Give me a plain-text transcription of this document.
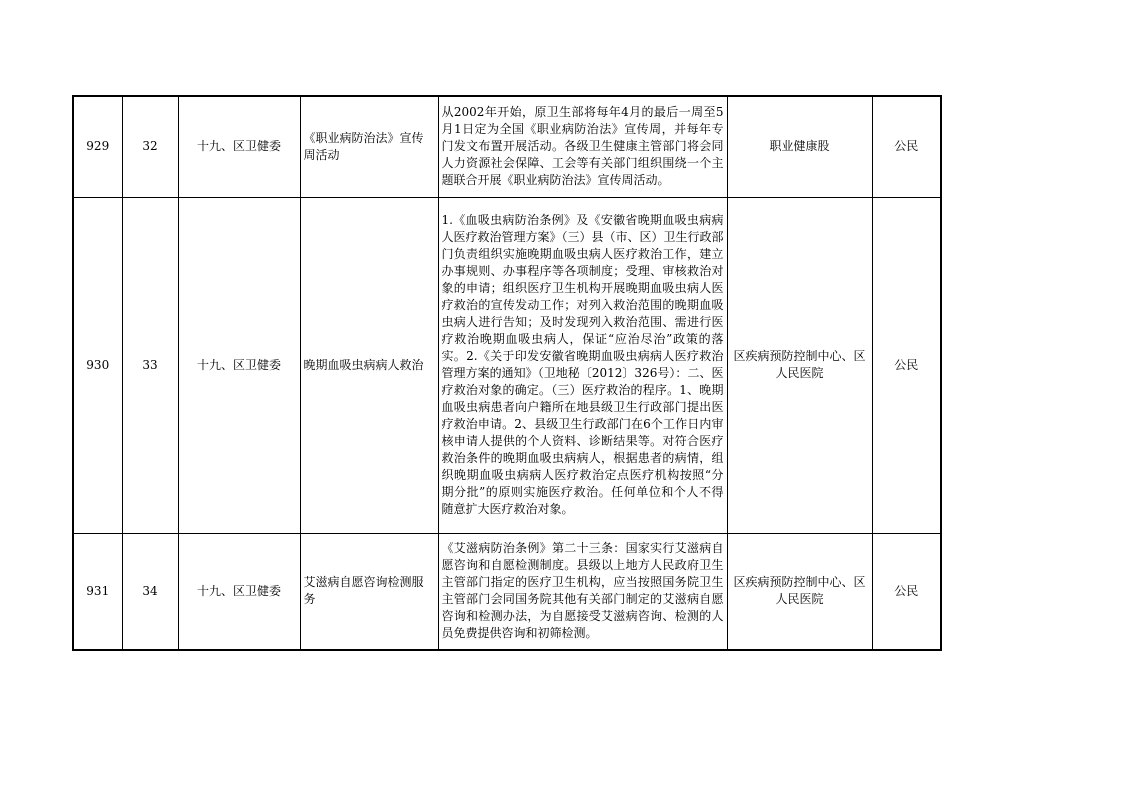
929	32	十九、区卫健委	《职业病防治法》宣传周活动	从2002年开始，原卫生部将每年4月的最后一周至5月1日定为全国《职业病防治法》宣传周，并每年专门发文布置开展活动。各级卫生健康主管部门将会同人力资源社会保障、工会等有关部门组织围绕一个主题联合开展《职业病防治法》宣传周活动。	职业健康股	公民
930	33	十九、区卫健委	晚期血吸虫病病人救治	1.《血吸虫病防治条例》及《安徽省晚期血吸虫病病人医疗救治管理方案》（三）县（市、区）卫生行政部门负责组织实施晚期血吸虫病人医疗救治工作，建立办事规则、办事程序等各项制度；受理、审核救治对象的申请；组织医疗卫生机构开展晚期血吸虫病人医疗救治的宣传发动工作；对列入救治范围的晚期血吸虫病人进行告知；及时发现列入救治范围、需进行医疗救治晚期血吸虫病人，保证“应治尽治”政策的落实。2.《关于印发安徽省晚期血吸虫病病人医疗救治管理方案的通知》（卫地秘〔2012〕326号）：二、医疗救治对象的确定。（三）医疗救治的程序。1、晚期血吸虫病患者向户籍所在地县级卫生行政部门提出医疗救治申请。2、县级卫生行政部门在6个工作日内审核申请人提供的个人资料、诊断结果等。对符合医疗救治条件的晚期血吸虫病病人，根据患者的病情，组织晚期血吸虫病病人医疗救治定点医疗机构按照“分期分批”的原则实施医疗救治。任何单位和个人不得随意扩大医疗救治对象。	区疾病预防控制中心、区人民医院	公民
931	34	十九、区卫健委	艾滋病自愿咨询检测服务	《艾滋病防治条例》第二十三条：国家实行艾滋病自愿咨询和自愿检测制度。县级以上地方人民政府卫生主管部门指定的医疗卫生机构，应当按照国务院卫生主管部门会同国务院其他有关部门制定的艾滋病自愿咨询和检测办法，为自愿接受艾滋病咨询、检测的人员免费提供咨询和初筛检测。	区疾病预防控制中心、区人民医院	公民
